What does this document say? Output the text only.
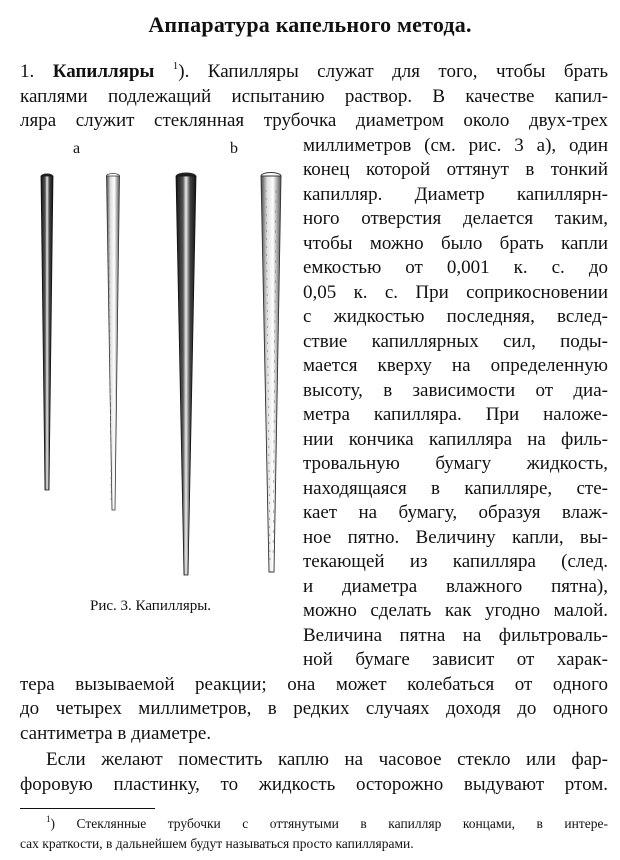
Аппаратура капельного метода.
1. Капилляры $^1$). Капилляры служат для того, чтобы брать
каплями подлежащий испытанию раствор. В качестве капил-
ляра служит стеклянная трубочка диаметром около двух-трех
a	b
Рис. 3. Капилляры.
миллиметров (см. рис. 3 а), один
конец которой оттянут в тонкий
капилляр. Диаметр капиллярн-
ного отверстия делается таким,
чтобы можно было брать капли
емкостью от 0,001 к. с. до
0,05 к. с. При соприкосновении
с жидкостью последняя, вслед-
ствие капиллярных сил, поды-
мается кверху на определенную
высоту, в зависимости от диа-
метра капилляра. При наложе-
нии кончика капилляра на филь-
тровальную бумагу жидкость,
находящаяся в капилляре, сте-
кает на бумагу, образуя влаж-
ное пятно. Величину капли, вы-
текающей из капилляра (след.
и диаметра влажного пятна),
можно сделать как угодно малой.
Величина пятна на фильтроваль-
ной бумаге зависит от харак-
тера вызываемой реакции; она может колебаться от одного
до четырех миллиметров, в редких случаях доходя до одного
сантиметра в диаметре.
Если желают поместить каплю на часовое стекло или фар-
форовую пластинку, то жидкость осторожно выдувают ртом.
$^1$) Стеклянные трубочки с оттянутыми в капилляр концами, в интере-
сах краткости, в дальнейшем будут называться просто капиллярами.
